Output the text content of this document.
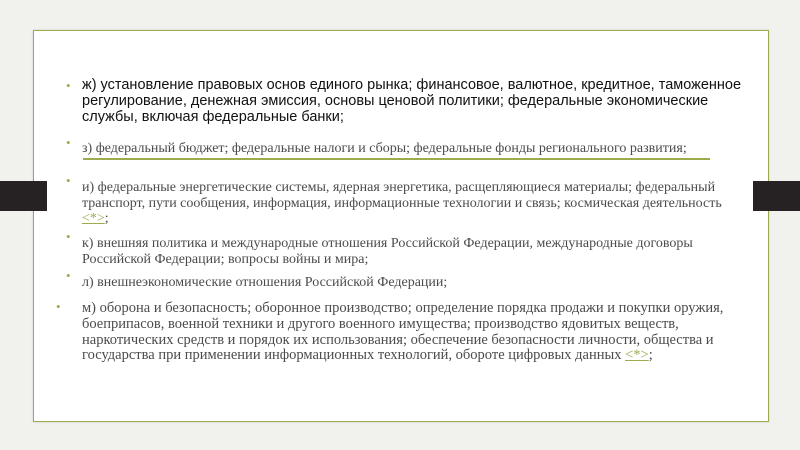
• ж) установление правовых основ единого рынка; финансовое, валютное, кредитное, таможенное регулирование, денежная эмиссия, основы ценовой политики; федеральные экономические службы, включая федеральные банки;
• з) федеральный бюджет; федеральные налоги и сборы; федеральные фонды регионального развития;
• и) федеральные энергетические системы, ядерная энергетика, расщепляющиеся материалы; федеральный транспорт, пути сообщения, информация, информационные технологии и связь; космическая деятельность <*>;
• к) внешняя политика и международные отношения Российской Федерации, международные договоры Российской Федерации; вопросы войны и мира;
• л) внешнеэкономические отношения Российской Федерации;
• м) оборона и безопасность; оборонное производство; определение порядка продажи и покупки оружия, боеприпасов, военной техники и другого военного имущества; производство ядовитых веществ, наркотических средств и порядок их использования; обеспечение безопасности личности, общества и государства при применении информационных технологий, обороте цифровых данных <*>;
